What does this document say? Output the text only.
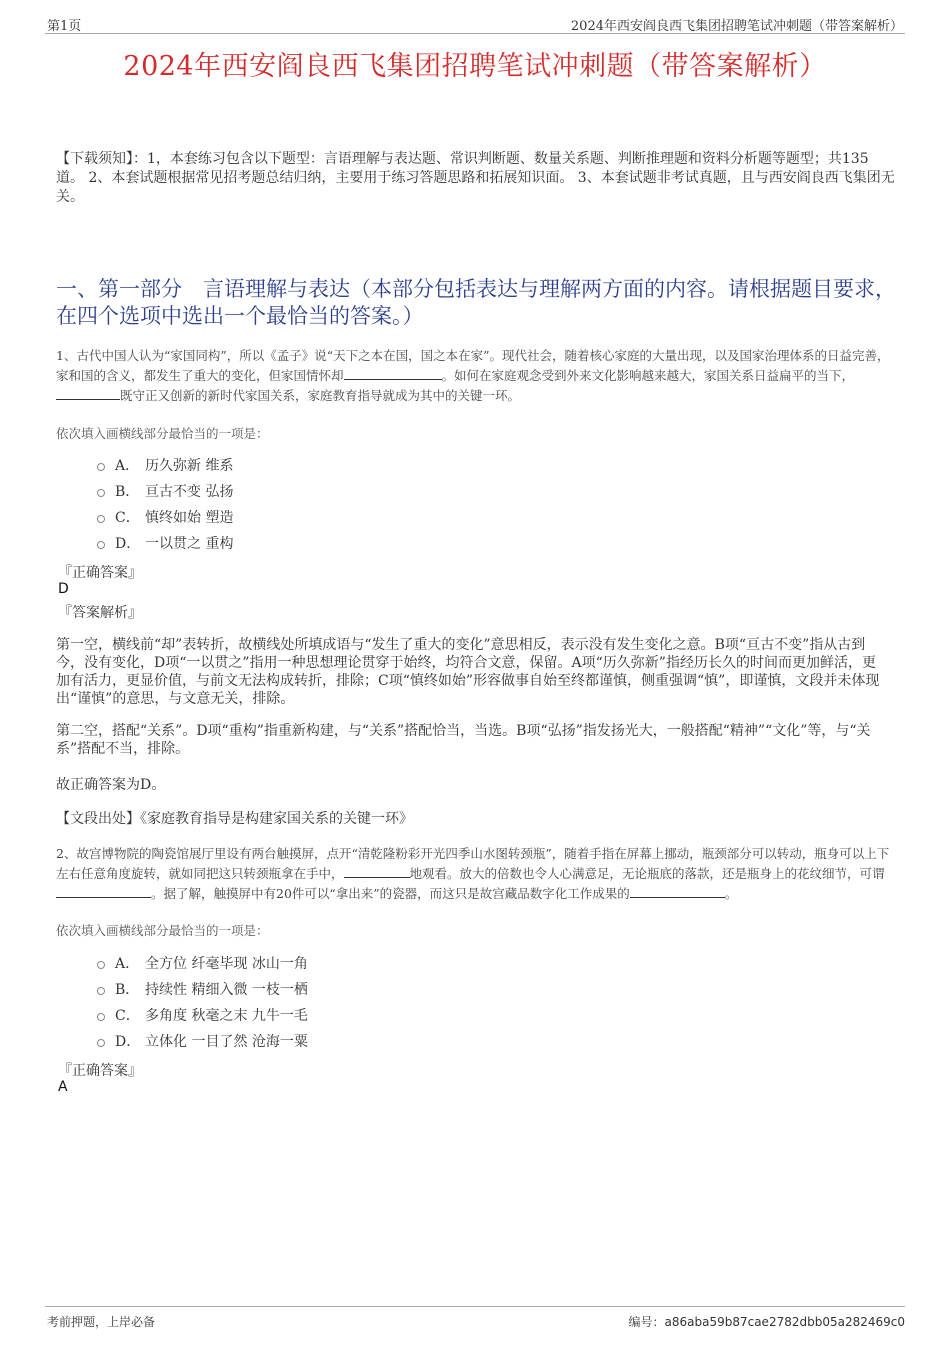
第1页	2024年西安阎良西飞集团招聘笔试冲刺题（带答案解析）
2024年西安阎良西飞集团招聘笔试冲刺题（带答案解析）
【下载须知】：1，本套练习包含以下题型：言语理解与表达题、常识判断题、数量关系题、判断推理题和资料分析题等题型；共135道。 2、本套试题根据常见招考题总结归纳，主要用于练习答题思路和拓展知识面。 3、本套试题非考试真题，且与西安阎良西飞集团无关。
一、第一部分　言语理解与表达（本部分包括表达与理解两方面的内容。请根据题目要求，在四个选项中选出一个最恰当的答案。）
1、古代中国人认为“家国同构”，所以《孟子》说“天下之本在国，国之本在家”。现代社会，随着核心家庭的大量出现，以及国家治理体系的日益完善，家和国的含义，都发生了重大的变化，但家国情怀却	。如何在家庭观念受到外来文化影响越来越大，家国关系日益扁平的当下，既守正又创新的新时代家国关系，家庭教育指导就成为其中的关键一环。
依次填入画横线部分最恰当的一项是：
A． 历久弥新 维系
B． 亘古不变 弘扬
C． 慎终如始 塑造
D． 一以贯之 重构
『正确答案』
D
『答案解析』
第一空，横线前“却”表转折，故横线处所填成语与“发生了重大的变化”意思相反，表示没有发生变化之意。B项“亘古不变”指从古到今，没有变化，D项“一以贯之”指用一种思想理论贯穿于始终，均符合文意，保留。A项“历久弥新”指经历长久的时间而更加鲜活，更加有活力，更显价值，与前文无法构成转折，排除；C项“慎终如始”形容做事自始至终都谨慎，侧重强调“慎”，即谨慎，文段并未体现出“谨慎”的意思，与文意无关，排除。
第二空，搭配“关系”。D项“重构”指重新构建，与“关系”搭配恰当，当选。B项“弘扬”指发扬光大，一般搭配“精神”“文化”等，与“关系”搭配不当，排除。
故正确答案为D。
【文段出处】《家庭教育指导是构建家国关系的关键一环》
2、故宫博物院的陶瓷馆展厅里设有两台触摸屏，点开“清乾隆粉彩开光四季山水图转颈瓶”，随着手指在屏幕上挪动，瓶颈部分可以转动，瓶身可以上下左右任意角度旋转，就如同把这只转颈瓶拿在手中，	地观看。放大的倍数也令人心满意足，无论瓶底的落款，还是瓶身上的花纹细节，可谓。据了解，触摸屏中有20件可以“拿出来”的瓷器，而这只是故宫藏品数字化工作成果的	。
依次填入画横线部分最恰当的一项是：
A． 全方位 纤毫毕现 冰山一角
B． 持续性 精细入微 一枝一栖
C． 多角度 秋毫之末 九牛一毛
D． 立体化 一目了然 沧海一粟
『正确答案』
A
考前押题，上岸必备	编号：a86aba59b87cae2782dbb05a282469c0
